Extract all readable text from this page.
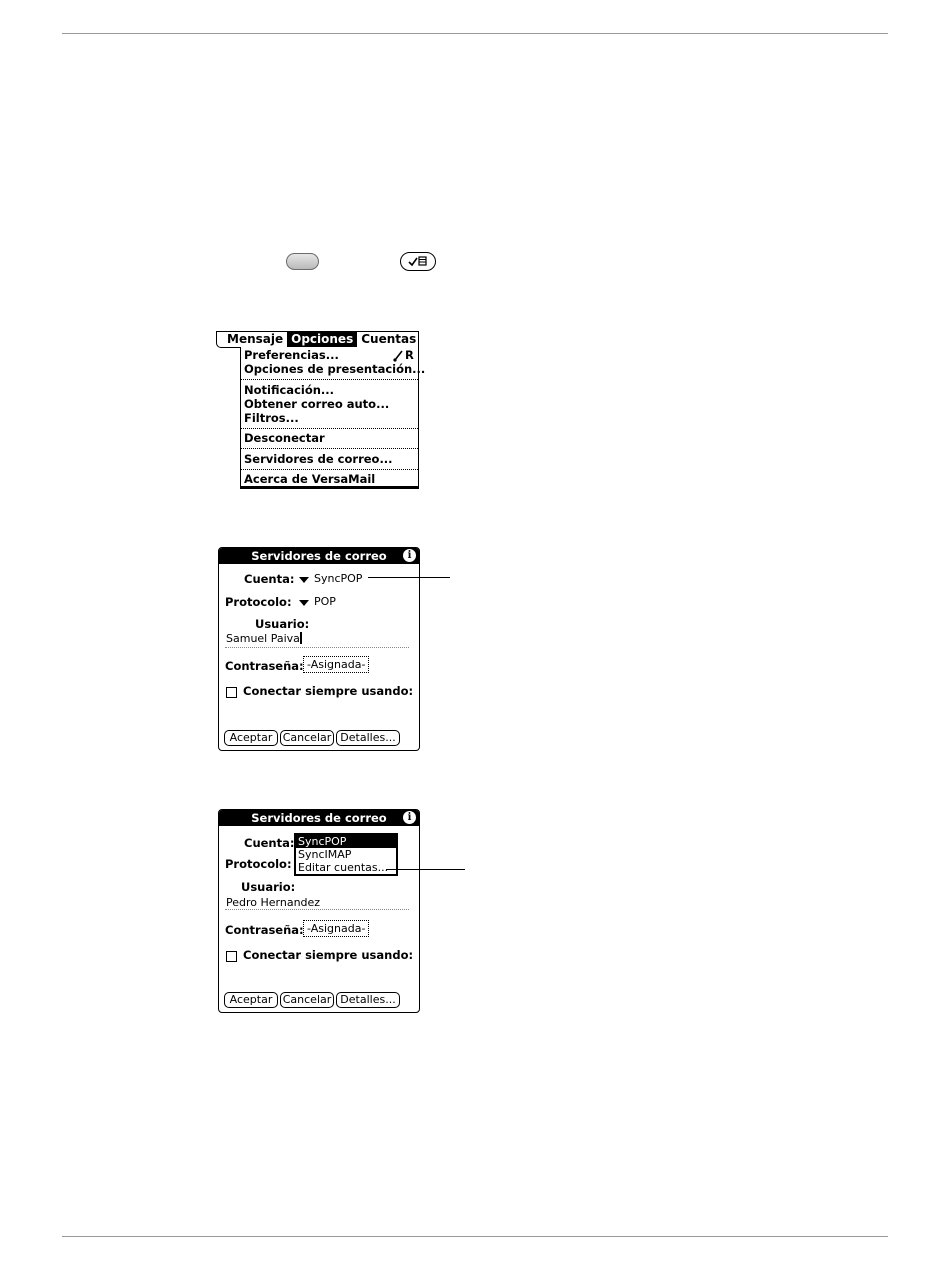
Mensaje Opciones Cuentas
Preferencias...	R
Opciones de presentación...
Notificación...
Obtener correo auto...
Filtros...
Desconectar
Servidores de correo...
Acerca de VersaMail
Servidores de correo	i
Cuenta: SyncPOP
Protocolo: POP
Usuario:
Samuel Paiva
Contraseña: -Asignada-
Conectar siempre usando:
Aceptar Cancelar Detalles...
Servidores de correo	i
Cuenta:
Protocolo:
Usuario:
Pedro Hernandez
Contraseña: -Asignada-
Conectar siempre usando:
Aceptar Cancelar Detalles...
SyncPOP
SyncIMAP
Editar cuentas...
